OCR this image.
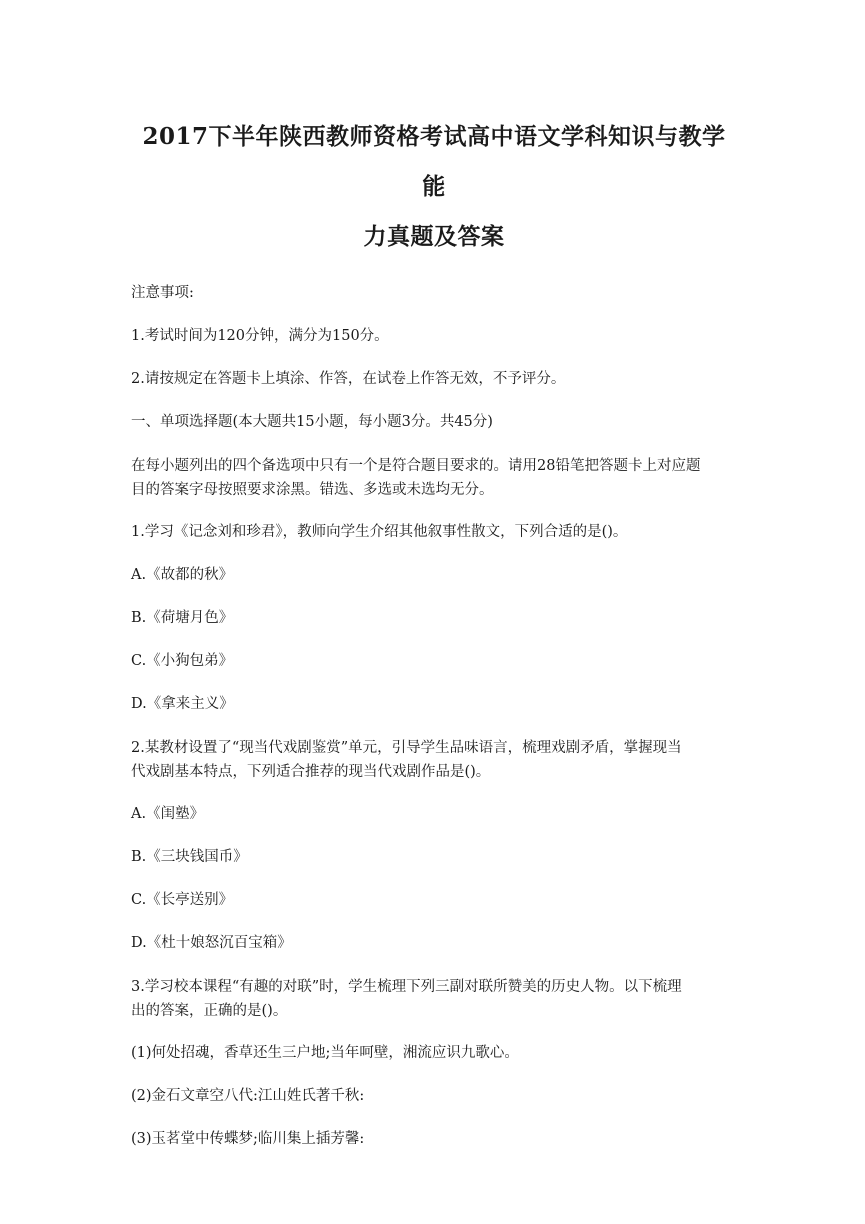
2017下半年陕西教师资格考试高中语文学科知识与教学能
力真题及答案

注意事项:

1.考试时间为120分钟，满分为150分。

2.请按规定在答题卡上填涂、作答，在试卷上作答无效，不予评分。

一、单项选择题(本大题共15小题，每小题3分。共45分)

在每小题列出的四个备选项中只有一个是符合题目要求的。请用28铅笔把答题卡上对应题
目的答案字母按照要求涂黑。错选、多选或未选均无分。

1.学习《记念刘和珍君》，教师向学生介绍其他叙事性散文，下列合适的是()。

A.《故都的秋》

B.《荷塘月色》

C.《小狗包弟》

D.《拿来主义》

2.某教材设置了“现当代戏剧鉴赏”单元，引导学生品味语言，梳理戏剧矛盾，掌握现当
代戏剧基本特点，下列适合推荐的现当代戏剧作品是()。

A.《闺塾》

B.《三块钱国币》

C.《长亭送别》

D.《杜十娘怒沉百宝箱》

3.学习校本课程“有趣的对联”时，学生梳理下列三副对联所赞美的历史人物。以下梳理
出的答案，正确的是()。

(1)何处招魂，香草还生三户地;当年呵壁，湘流应识九歌心。

(2)金石文章空八代:江山姓氏著千秋:

(3)玉茗堂中传蝶梦;临川集上插芳馨:
